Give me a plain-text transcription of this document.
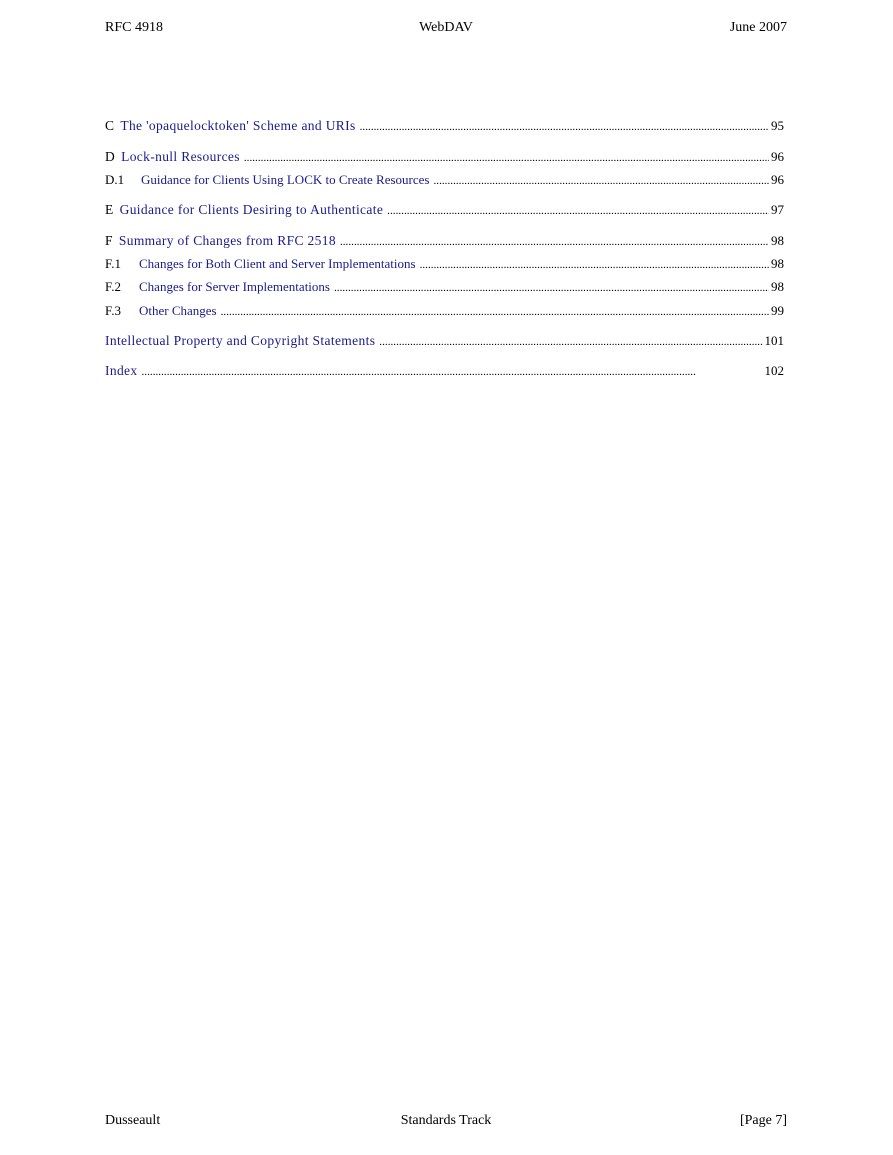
RFC 4918	WebDAV	June 2007
C The 'opaquelocktoken' Scheme and URIs . . .	95
D Lock-null Resources . . .	96
D.1	Guidance for Clients Using LOCK to Create Resources . . .	96
E Guidance for Clients Desiring to Authenticate . . .	97
F Summary of Changes from RFC 2518 . . .	98
F.1	Changes for Both Client and Server Implementations . . .	98
F.2	Changes for Server Implementations . . .	98
F.3	Other Changes . . .	99
Intellectual Property and Copyright Statements . . .	101
Index . . .	102
Dusseault	Standards Track	[Page 7]
